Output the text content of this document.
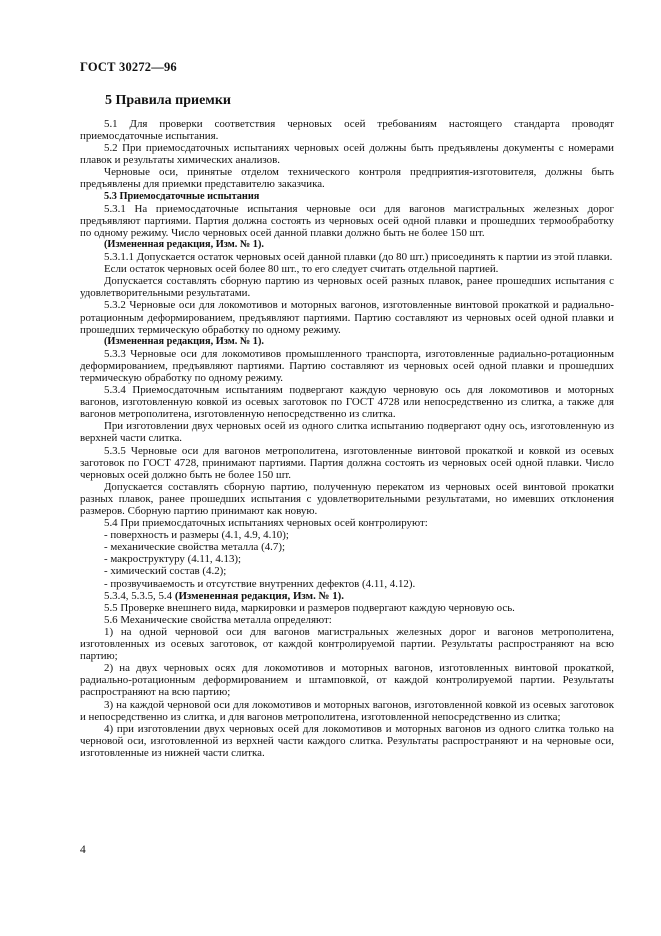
ГОСТ 30272—96
5 Правила приемки

5.1 Для проверки соответствия черновых осей требованиям настоящего стандарта проводят приемосдаточные испытания.

5.2 При приемосдаточных испытаниях черновых осей должны быть предъявлены документы с номерами плавок и результаты химических анализов.

Черновые оси, принятые отделом технического контроля предприятия-изготовителя, должны быть предъявлены для приемки представителю заказчика.

5.3 Приемосдаточные испытания

5.3.1 На приемосдаточные испытания черновые оси для вагонов магистральных железных дорог предъявляют партиями. Партия должна состоять из черновых осей одной плавки и прошедших термообработку по одному режиму. Число черновых осей данной плавки должно быть не более 150 шт.

(Измененная редакция, Изм. № 1).

5.3.1.1 Допускается остаток черновых осей данной плавки (до 80 шт.) присоединять к партии из этой плавки.

Если остаток черновых осей более 80 шт., то его следует считать отдельной партией.

Допускается составлять сборную партию из черновых осей разных плавок, ранее прошедших испытания с удовлетворительными результатами.

5.3.2 Черновые оси для локомотивов и моторных вагонов, изготовленные винтовой прокаткой и радиально-ротационным деформированием, предъявляют партиями. Партию составляют из черновых осей одной плавки и прошедших термическую обработку по одному режиму.

(Измененная редакция, Изм. № 1).

5.3.3 Черновые оси для локомотивов промышленного транспорта, изготовленные радиально-ротационным деформированием, предъявляют партиями. Партию составляют из черновых осей одной плавки и прошедших термическую обработку по одному режиму.

5.3.4 Приемосдаточным испытаниям подвергают каждую черновую ось для локомотивов и моторных вагонов, изготовленную ковкой из осевых заготовок по ГОСТ 4728 или непосредственно из слитка, а также для вагонов метрополитена, изготовленную непосредственно из слитка.

При изготовлении двух черновых осей из одного слитка испытанию подвергают одну ось, изготовленную из верхней части слитка.

5.3.5 Черновые оси для вагонов метрополитена, изготовленные винтовой прокаткой и ковкой из осевых заготовок по ГОСТ 4728, принимают партиями. Партия должна состоять из черновых осей одной плавки. Число черновых осей должно быть не более 150 шт.

Допускается составлять сборную партию, полученную перекатом из черновых осей винтовой прокатки разных плавок, ранее прошедших испытания с удовлетворительными результатами, но имевших отклонения размеров. Сборную партию принимают как новую.

5.4 При приемосдаточных испытаниях черновых осей контролируют:

- поверхность и размеры (4.1, 4.9, 4.10);

- механические свойства металла (4.7);

- макроструктуру (4.11, 4.13);

- химический состав (4.2);

- прозвучиваемость и отсутствие внутренних дефектов (4.11, 4.12).

5.3.4, 5.3.5, 5.4 (Измененная редакция, Изм. № 1).

5.5 Проверке внешнего вида, маркировки и размеров подвергают каждую черновую ось.

5.6 Механические свойства металла определяют:

1) на одной черновой оси для вагонов магистральных железных дорог и вагонов метрополитена, изготовленных из осевых заготовок, от каждой контролируемой партии. Результаты распространяют на всю партию;

2) на двух черновых осях для локомотивов и моторных вагонов, изготовленных винтовой прокаткой, радиально-ротационным деформированием и штамповкой, от каждой контролируемой партии. Результаты распространяют на всю партию;

3) на каждой черновой оси для локомотивов и моторных вагонов, изготовленной ковкой из осевых заготовок и непосредственно из слитка, и для вагонов метрополитена, изготовленной непосредственно из слитка;

4) при изготовлении двух черновых осей для локомотивов и моторных вагонов из одного слитка только на черновой оси, изготовленной из верхней части каждого слитка. Результаты распространяют и на черновые оси, изготовленные из нижней части слитка.

4
